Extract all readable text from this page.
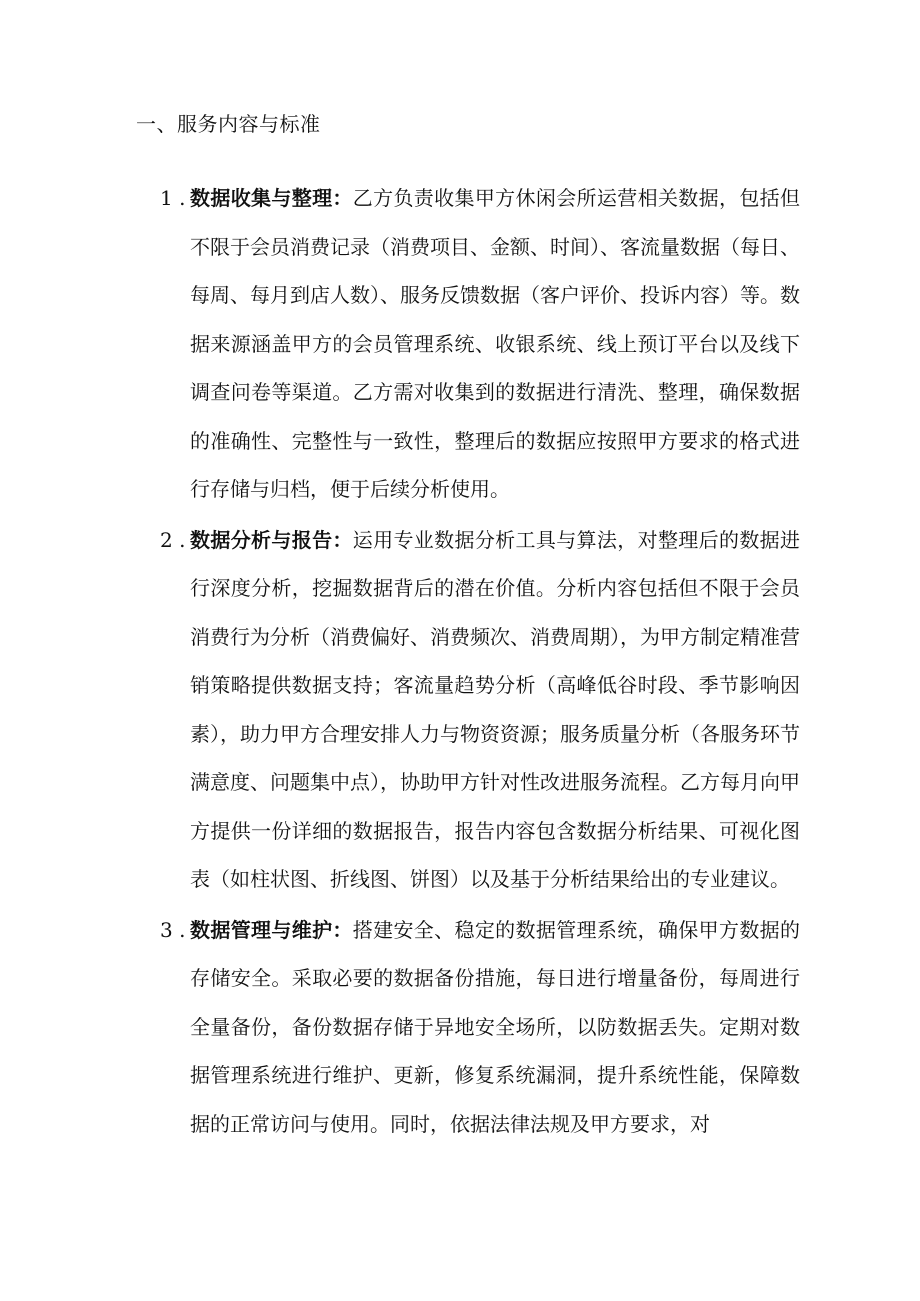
一、服务内容与标准
1 . 数据收集与整理：乙方负责收集甲方休闲会所运营相关数据，包括但不限于会员消费记录（消费项目、金额、时间）、客流量数据（每日、每周、每月到店人数）、服务反馈数据（客户评价、投诉内容）等。数据来源涵盖甲方的会员管理系统、收银系统、线上预订平台以及线下调查问卷等渠道。乙方需对收集到的数据进行清洗、整理，确保数据的准确性、完整性与一致性，整理后的数据应按照甲方要求的格式进行存储与归档，便于后续分析使用。
2 . 数据分析与报告：运用专业数据分析工具与算法，对整理后的数据进行深度分析，挖掘数据背后的潜在价值。分析内容包括但不限于会员消费行为分析（消费偏好、消费频次、消费周期），为甲方制定精准营销策略提供数据支持；客流量趋势分析（高峰低谷时段、季节影响因素），助力甲方合理安排人力与物资资源；服务质量分析（各服务环节满意度、问题集中点），协助甲方针对性改进服务流程。乙方每月向甲方提供一份详细的数据报告，报告内容包含数据分析结果、可视化图表（如柱状图、折线图、饼图）以及基于分析结果给出的专业建议。
3 . 数据管理与维护：搭建安全、稳定的数据管理系统，确保甲方数据的存储安全。采取必要的数据备份措施，每日进行增量备份，每周进行全量备份，备份数据存储于异地安全场所，以防数据丢失。定期对数据管理系统进行维护、更新，修复系统漏洞，提升系统性能，保障数据的正常访问与使用。同时，依据法律法规及甲方要求，对
